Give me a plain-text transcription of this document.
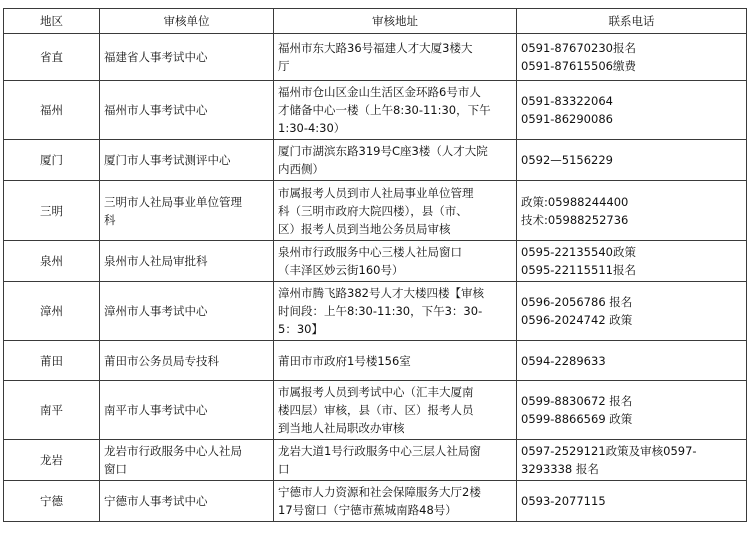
地区	审核单位	审核地址	联系电话
省直	福建省人事考试中心	福州市东大路36号福建人才大厦3楼大
厅	0591-87670230报名
0591-87615506缴费

福州	福州市人事考试中心	福州市仓山区金山生活区金环路6号市人
才储备中心一楼（上午8:30-11:30，下午
1:30-4:30）	0591-83322064
0591-86290086

厦门	厦门市人事考试测评中心	厦门市湖滨东路319号C座3楼（人才大院
内西侧）	0592—5156229

三明	三明市人社局事业单位管理
科	市属报考人员到市人社局事业单位管理
科（三明市政府大院四楼），县（市、
区）报考人员到当地公务员局审核	政策:05988244400
技术:05988252736

泉州	泉州市人社局审批科	泉州市行政服务中心三楼人社局窗口
（丰泽区妙云街160号）	0595-22135540政策
0595-22115511报名

漳州	漳州市人事考试中心	漳州市腾飞路382号人才大楼四楼【审核
时间段：上午8:30-11:30，下午3：30-
5：30】	0596-2056786 报名
0596-2024742 政策

莆田	莆田市公务员局专技科	莆田市市政府1号楼156室	0594-2289633

南平	南平市人事考试中心	市属报考人员到考试中心（汇丰大厦南
楼四层）审核，县（市、区）报考人员
到当地人社局职改办审核	0599-8830672 报名
0599-8866569 政策

龙岩	龙岩市行政服务中心人社局
窗口	龙岩大道1号行政服务中心三层人社局窗
口	0597-2529121政策及审核0597-
3293338 报名

宁德	宁德市人事考试中心	宁德市人力资源和社会保障服务大厅2楼
17号窗口（宁德市蕉城南路48号）	0593-2077115
